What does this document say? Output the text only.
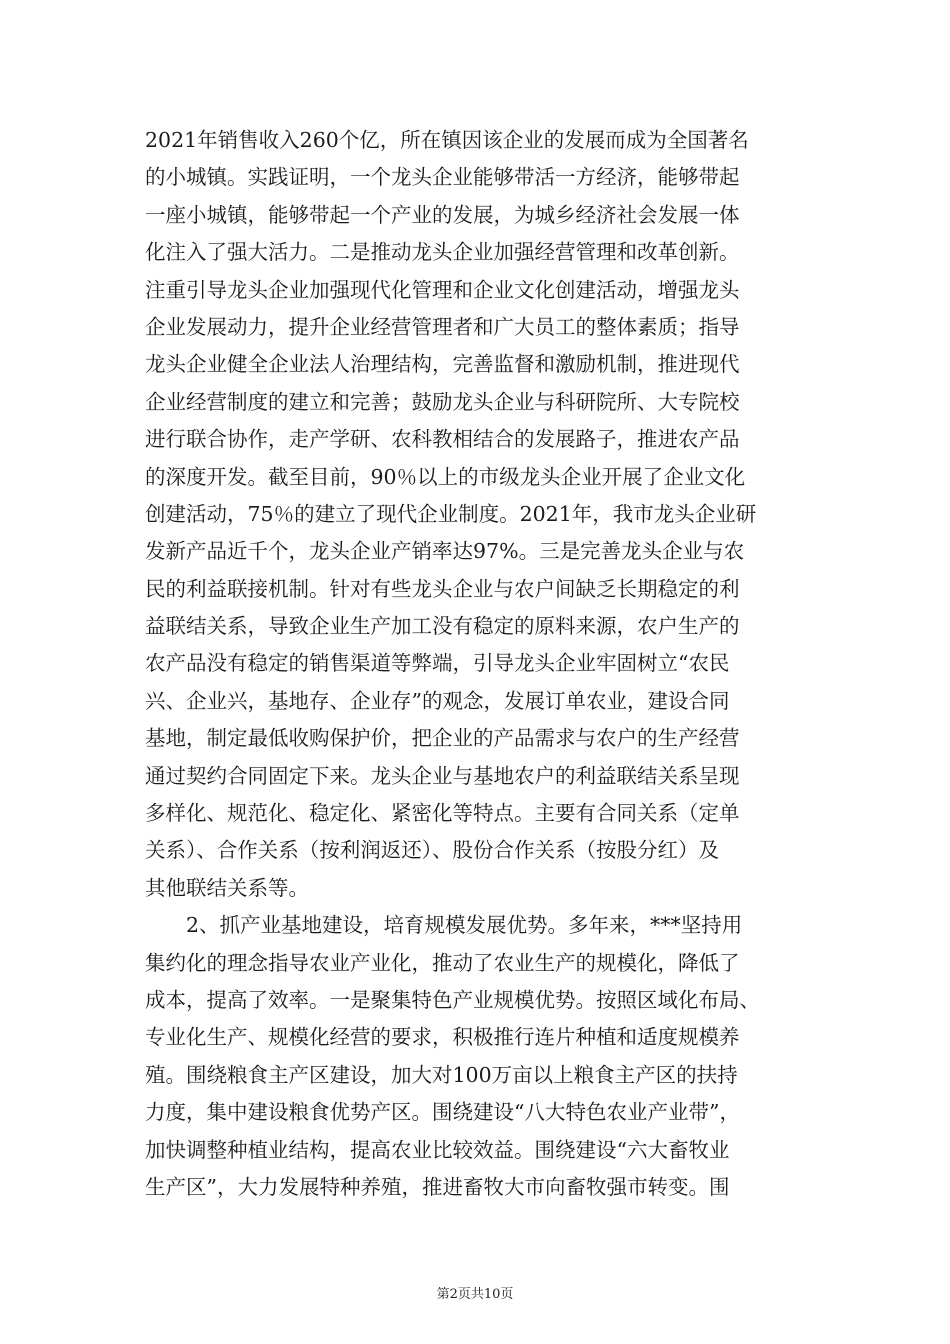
2021年销售收入260个亿，所在镇因该企业的发展而成为全国著名
的小城镇。实践证明，一个龙头企业能够带活一方经济，能够带起
一座小城镇，能够带起一个产业的发展，为城乡经济社会发展一体
化注入了强大活力。二是推动龙头企业加强经营管理和改革创新。
注重引导龙头企业加强现代化管理和企业文化创建活动，增强龙头
企业发展动力，提升企业经营管理者和广大员工的整体素质；指导
龙头企业健全企业法人治理结构，完善监督和激励机制，推进现代
企业经营制度的建立和完善；鼓励龙头企业与科研院所、大专院校
进行联合协作，走产学研、农科教相结合的发展路子，推进农产品
的深度开发。截至目前，90％以上的市级龙头企业开展了企业文化
创建活动，75％的建立了现代企业制度。2021年，我市龙头企业研
发新产品近千个，龙头企业产销率达97%。三是完善龙头企业与农
民的利益联接机制。针对有些龙头企业与农户间缺乏长期稳定的利
益联结关系，导致企业生产加工没有稳定的原料来源，农户生产的
农产品没有稳定的销售渠道等弊端，引导龙头企业牢固树立“农民
兴、企业兴，基地存、企业存”的观念，发展订单农业，建设合同
基地，制定最低收购保护价，把企业的产品需求与农户的生产经营
通过契约合同固定下来。龙头企业与基地农户的利益联结关系呈现
多样化、规范化、稳定化、紧密化等特点。主要有合同关系（定单
关系）、合作关系（按利润返还）、股份合作关系（按股分红）及
其他联结关系等。
　　2、抓产业基地建设，培育规模发展优势。多年来，***坚持用
集约化的理念指导农业产业化，推动了农业生产的规模化，降低了
成本，提高了效率。一是聚集特色产业规模优势。按照区域化布局、
专业化生产、规模化经营的要求，积极推行连片种植和适度规模养
殖。围绕粮食主产区建设，加大对100万亩以上粮食主产区的扶持
力度，集中建设粮食优势产区。围绕建设“八大特色农业产业带”，
加快调整种植业结构，提高农业比较效益。围绕建设“六大畜牧业
生产区”，大力发展特种养殖，推进畜牧大市向畜牧强市转变。围
第2页共10页
